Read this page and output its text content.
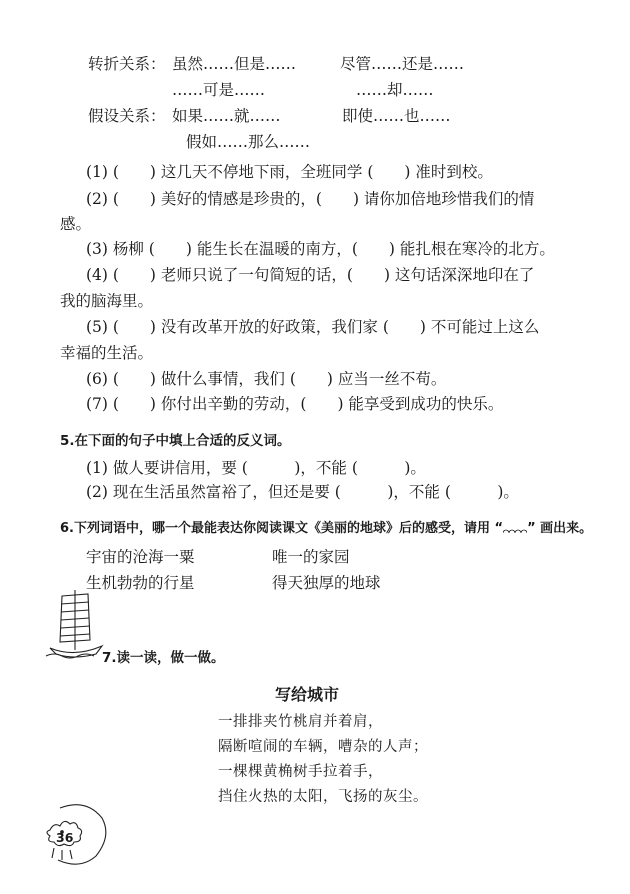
转折关系： 虽然……但是……	尽管……还是……
……可是……	……却……
假设关系： 如果……就……	即使……也……
假如……那么……
(1) (　　) 这几天不停地下雨，全班同学 (　　) 准时到校。
(2) (　　) 美好的情感是珍贵的，(　　) 请你加倍地珍惜我们的情
感。
(3) 杨柳 (　　) 能生长在温暖的南方，(　　) 能扎根在寒冷的北方。
(4) (　　) 老师只说了一句简短的话，(　　) 这句话深深地印在了
我的脑海里。
(5) (　　) 没有改革开放的好政策，我们家 (　　) 不可能过上这么
幸福的生活。
(6) (　　) 做什么事情，我们 (　　) 应当一丝不苟。
(7) (　　) 你付出辛勤的劳动，(　　) 能享受到成功的快乐。
5.在下面的句子中填上合适的反义词。
(1) 做人要讲信用，要 (　　　)，不能 (　　　)。
(2) 现在生活虽然富裕了，但还是要 (　　　)，不能 (　　　)。
6.下列词语中，哪一个最能表达你阅读课文《美丽的地球》后的感受，请用 “ ” 画出来。
宇宙的沧海一粟	唯一的家园
生机勃勃的行星	得天独厚的地球
7.读一读，做一做。
写给城市
一排排夹竹桃肩并着肩，
隔断喧闹的车辆，嘈杂的人声；
一棵棵黄桷树手拉着手，
挡住火热的太阳，飞扬的灰尘。
36
